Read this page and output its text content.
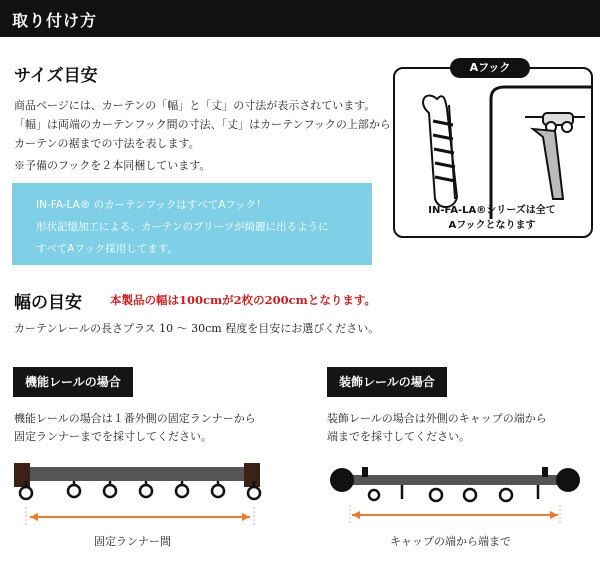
取り付け方
サイズ目安
商品ページには、カーテンの「幅」と「丈」の寸法が表示されています。
「幅」は両端のカーテンフック間の寸法、「丈」はカーテンフックの上部から
カーテンの裾までの寸法を表します。
※予備のフックを２本同梱しています。
IN-FA-LA® のカーテンフックはすべてAフック！
形状記憶加工による、カーテンのプリーツが綺麗に出るように
すべてAフック採用してます。
Aフック
IN-FA-LA®シリーズは全て
Aフックとなります
幅の目安 本製品の幅は100cmが2枚の200cmとなります。
カーテンレールの長さプラス 10 〜 30cm 程度を目安にお選びください。
機能レールの場合
機能レールの場合は１番外側の固定ランナーから
固定ランナーまでを採寸してください。
固定ランナー間
装飾レールの場合
装飾レールの場合は外側のキャップの端から
端までを採寸してください。
キャップの端から端まで
